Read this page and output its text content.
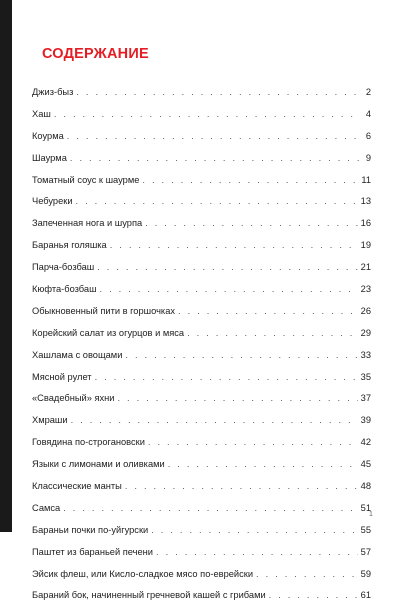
СОДЕРЖАНИЕ
Джиз-быз . . .	2
Хаш . . .	4
Коурма . . .	6
Шаурма . . .	9
Томатный соус к шаурме . . .	11
Чебуреки . . .	13
Запеченная нога и шурпа . . .	16
Баранья голяшка . . .	19
Парча-бозбаш . . .	21
Кюфта-бозбаш . . .	23
Обыкновенный пити в горшочках . . .	26
Корейский салат из огурцов и мяса . . .	29
Хашлама с овощами . . .	33
Мясной рулет . . .	35
«Свадебный» яхни . . .	37
Хмраши . . .	39
Говядина по-строгановски . . .	42
Языки с лимонами и оливками . . .	45
Классические манты . . .	48
Самса . . .	51
Бараньи почки по-уйгурски . . .	55
Паштет из бараньей печени . . .	57
Эйсик флеш, или Кисло-сладкое мясо по-еврейски . . .	59
Бараний бок, начиненный гречневой кашей с грибами . . .	61
1
